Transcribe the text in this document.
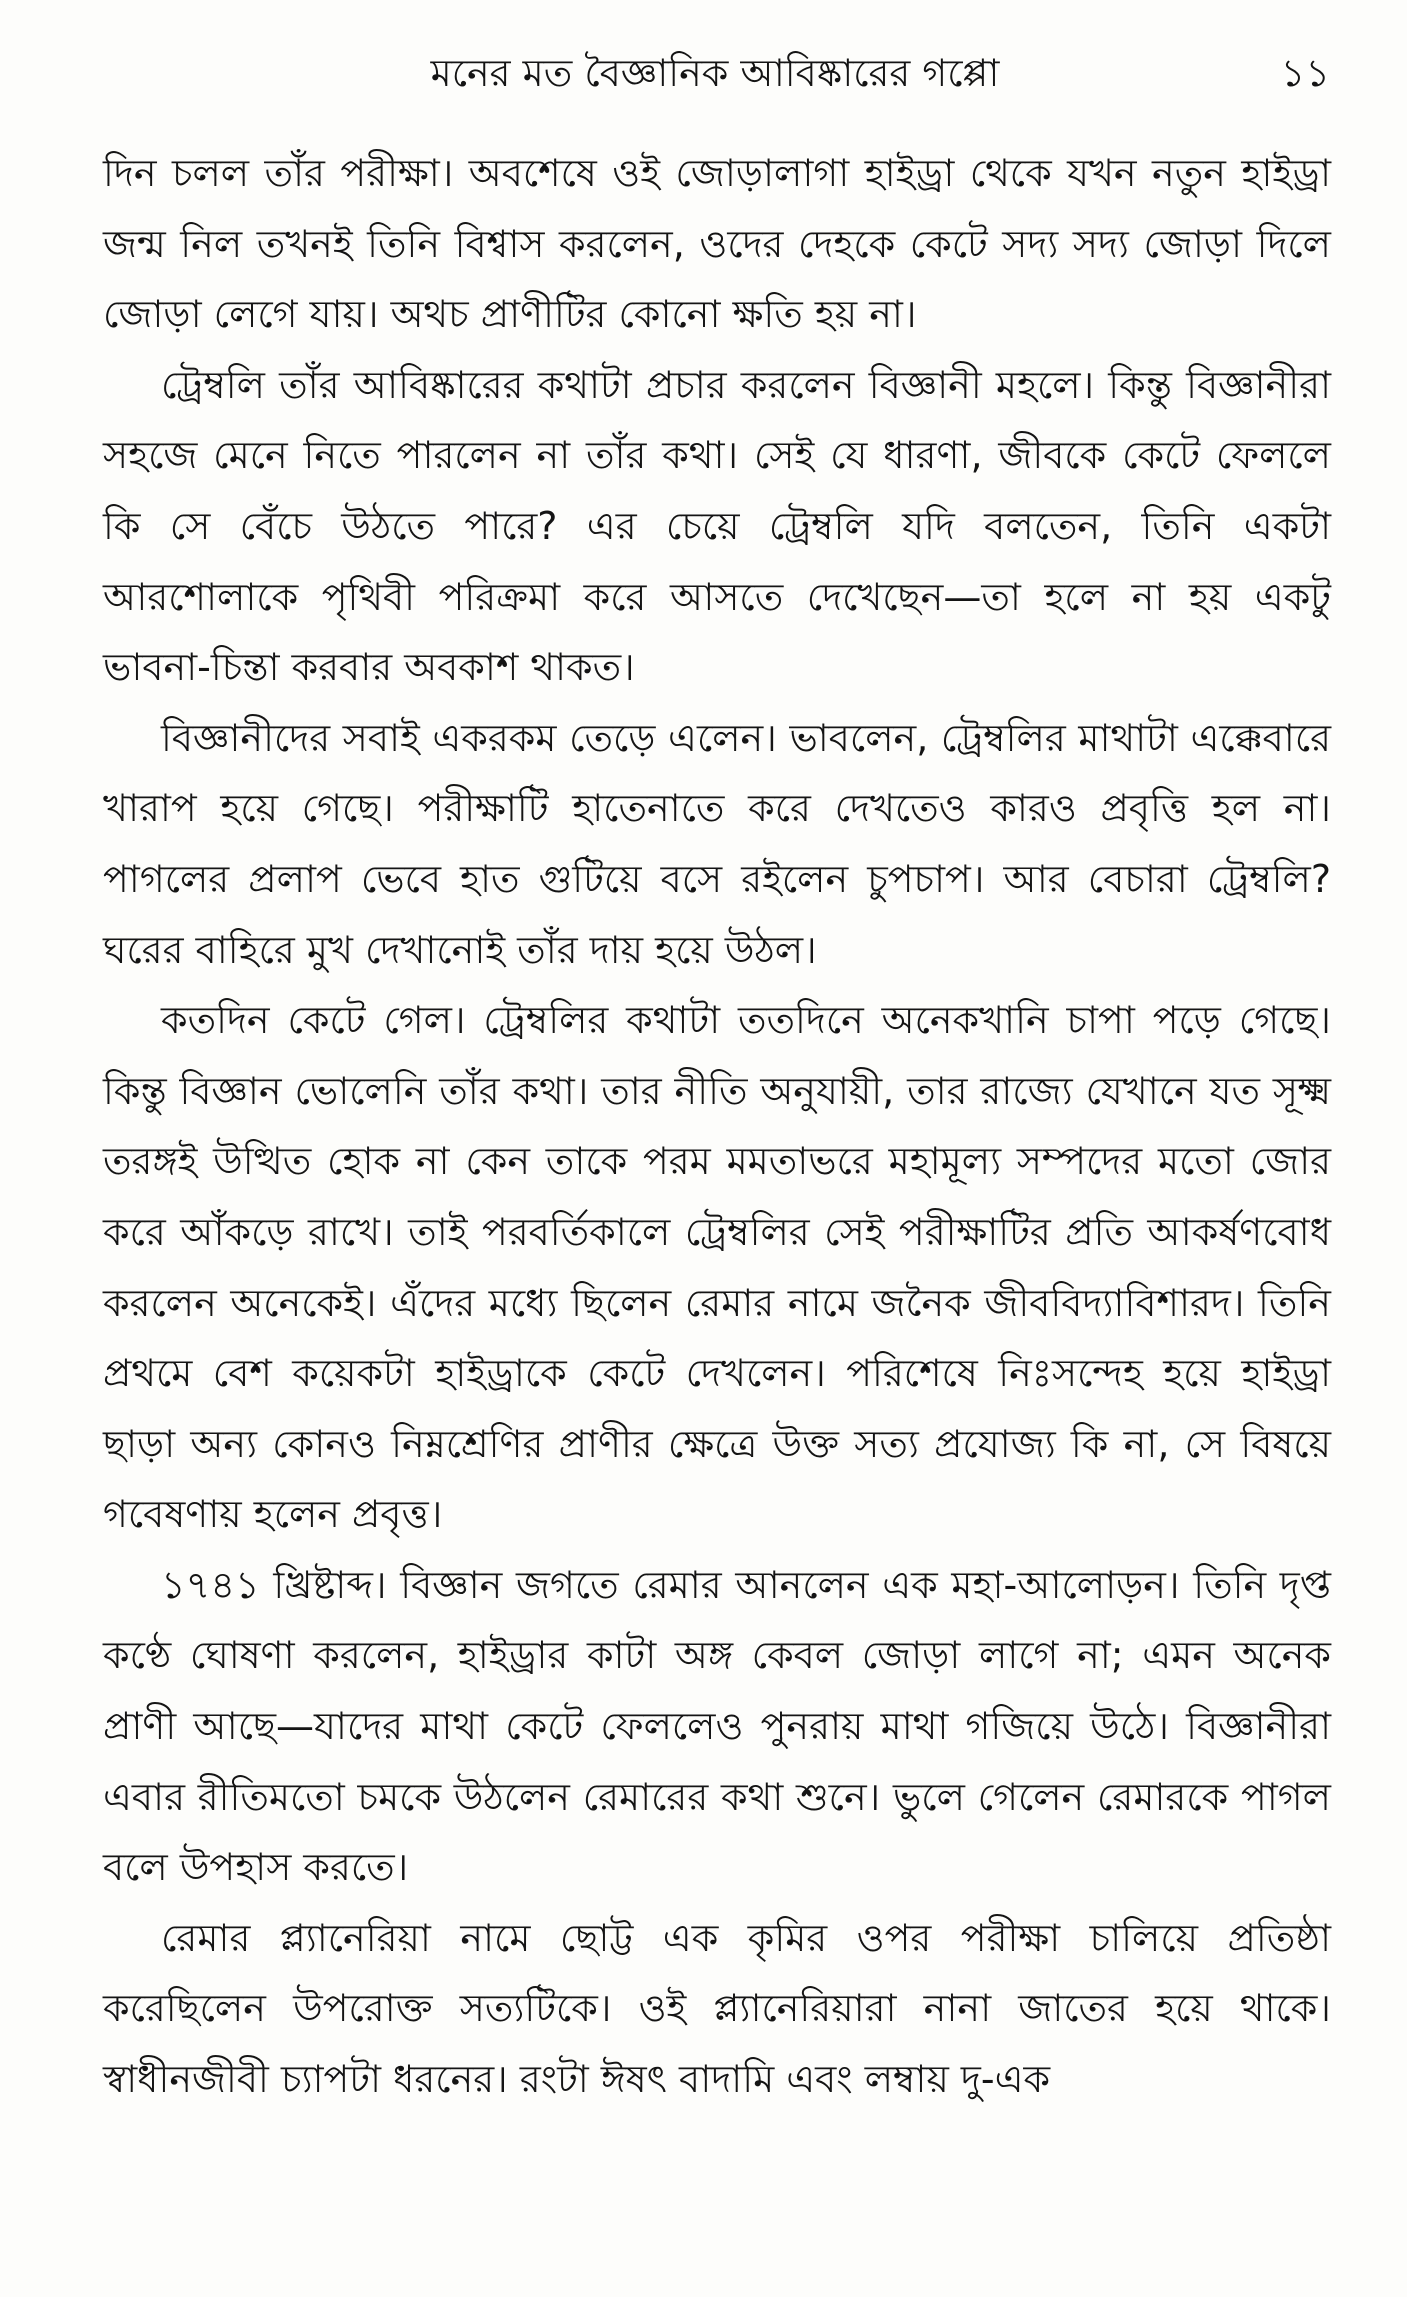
মনের মত বৈজ্ঞানিক আবিষ্কারের গপ্পো	১১

দিন চলল তাঁর পরীক্ষা। অবশেষে ওই জোড়ালাগা হাইড্রা থেকে যখন নতুন হাইড্রা জন্ম নিল তখনই তিনি বিশ্বাস করলেন, ওদের দেহকে কেটে সদ্য সদ্য জোড়া দিলে জোড়া লেগে যায়। অথচ প্রাণীটির কোনো ক্ষতি হয় না।

ট্রেম্বলি তাঁর আবিষ্কারের কথাটা প্রচার করলেন বিজ্ঞানী মহলে। কিন্তু বিজ্ঞানীরা সহজে মেনে নিতে পারলেন না তাঁর কথা। সেই যে ধারণা, জীবকে কেটে ফেললে কি সে বেঁচে উঠতে পারে? এর চেয়ে ট্রেম্বলি যদি বলতেন, তিনি একটা আরশোলাকে পৃথিবী পরিক্রমা করে আসতে দেখেছেন—তা হলে না হয় একটু ভাবনা-চিন্তা করবার অবকাশ থাকত।

বিজ্ঞানীদের সবাই একরকম তেড়ে এলেন। ভাবলেন, ট্রেম্বলির মাথাটা এক্কেবারে খারাপ হয়ে গেছে। পরীক্ষাটি হাতেনাতে করে দেখতেও কারও প্রবৃত্তি হল না। পাগলের প্রলাপ ভেবে হাত গুটিয়ে বসে রইলেন চুপচাপ। আর বেচারা ট্রেম্বলি? ঘরের বাহিরে মুখ দেখানোই তাঁর দায় হয়ে উঠল।

কতদিন কেটে গেল। ট্রেম্বলির কথাটা ততদিনে অনেকখানি চাপা পড়ে গেছে। কিন্তু বিজ্ঞান ভোলেনি তাঁর কথা। তার নীতি অনুযায়ী, তার রাজ্যে যেখানে যত সূক্ষ্ম তরঙ্গই উত্থিত হোক না কেন তাকে পরম মমতাভরে মহামূল্য সম্পদের মতো জোর করে আঁকড়ে রাখে। তাই পরবর্তিকালে ট্রেম্বলির সেই পরীক্ষাটির প্রতি আকর্ষণবোধ করলেন অনেকেই। এঁদের মধ্যে ছিলেন রেমার নামে জনৈক জীববিদ্যাবিশারদ। তিনি প্রথমে বেশ কয়েকটা হাইড্রাকে কেটে দেখলেন। পরিশেষে নিঃসন্দেহ হয়ে হাইড্রা ছাড়া অন্য কোনও নিম্নশ্রেণির প্রাণীর ক্ষেত্রে উক্ত সত্য প্রযোজ্য কি না, সে বিষয়ে গবেষণায় হলেন প্রবৃত্ত।

১৭৪১ খ্রিষ্টাব্দ। বিজ্ঞান জগতে রেমার আনলেন এক মহা-আলোড়ন। তিনি দৃপ্ত কণ্ঠে ঘোষণা করলেন, হাইড্রার কাটা অঙ্গ কেবল জোড়া লাগে না; এমন অনেক প্রাণী আছে—যাদের মাথা কেটে ফেললেও পুনরায় মাথা গজিয়ে উঠে। বিজ্ঞানীরা এবার রীতিমতো চমকে উঠলেন রেমারের কথা শুনে। ভুলে গেলেন রেমারকে পাগল বলে উপহাস করতে।

রেমার প্ল্যানেরিয়া নামে ছোট্ট এক কৃমির ওপর পরীক্ষা চালিয়ে প্রতিষ্ঠা করেছিলেন উপরোক্ত সত্যটিকে। ওই প্ল্যানেরিয়ারা নানা জাতের হয়ে থাকে। স্বাধীনজীবী চ্যাপটা ধরনের। রংটা ঈষৎ বাদামি এবং লম্বায় দু-এক
